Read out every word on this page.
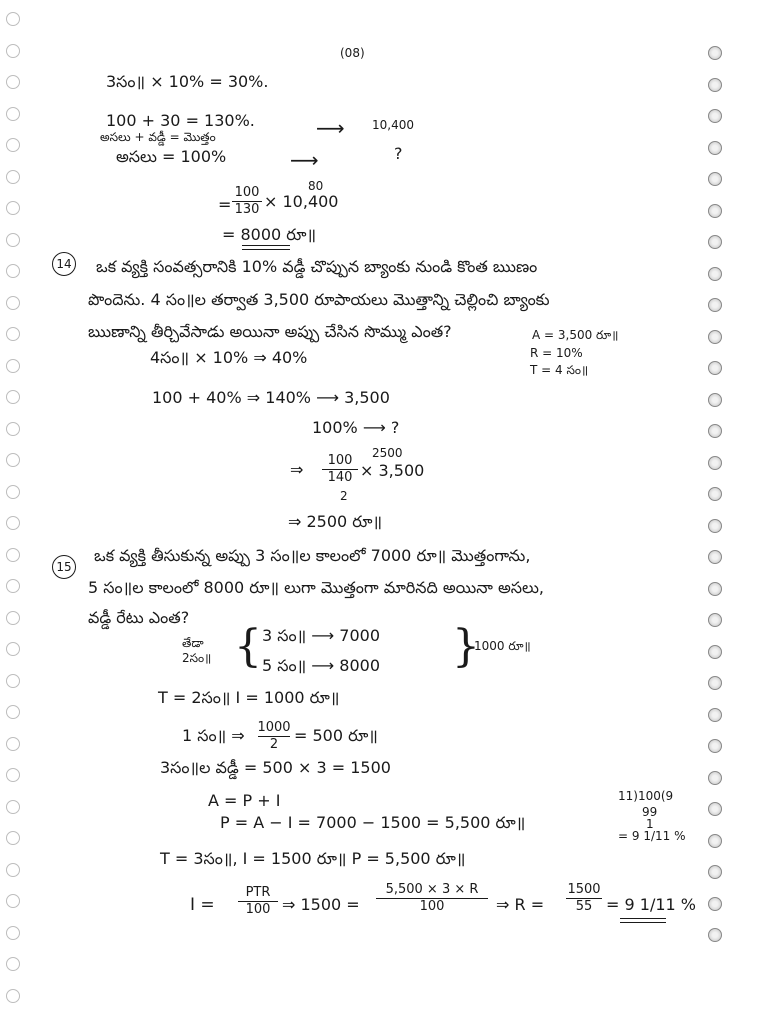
(08)
3సం॥ × 10% = 30%.
100 + 30 = 130%.
అసలు + వడ్డీ = మొత్తం	⟶ 10,400
అసలు = 100%	⟶	?
=
100
130
80
× 10,400
= 8000 రూ॥
14 ఒక వ్యక్తి సంవత్సరానికి 10% వడ్డీ చొప్పున బ్యాంకు నుండి కొంత ఋణం
పొందెను. 4 సం॥ల తర్వాత 3,500 రూపాయలు మొత్తాన్ని చెల్లించి బ్యాంకు
ఋణాన్ని తీర్చివేసాడు అయినా అప్పు చేసిన సొమ్ము ఎంత?	A = 3,500 రూ॥
R = 10%
T = 4 సం॥
4సం॥ × 10% ⇒ 40%
100 + 40% ⇒ 140% ⟶ 3,500
100% ⟶ ?
⇒ 100
140
2
2500
× 3,500
⇒ 2500 రూ॥
15
ఒక వ్యక్తి తీసుకున్న అప్పు 3 సం॥ల కాలంలో 7000 రూ॥ మొత్తంగాను,
5 సం॥ల కాలంలో 8000 రూ॥ లుగా మొత్తంగా మారినది అయినా అసలు,
వడ్డీ రేటు ఎంత?
తేడా
2సం॥ { 3 సం॥ ⟶ 7000
5 సం॥ ⟶ 8000 }
1000 రూ॥
T = 2సం॥ I = 1000 రూ॥
1 సం॥ ⇒ 1000
2 = 500 రూ॥
3సం॥ల వడ్డీ = 500 × 3 = 1500
A = P + I
P = A − I = 7000 − 1500 = 5,500 రూ॥
11)100(9
99
1
= 9 1/11 %
T = 3సం॥, I = 1500 రూ॥ P = 5,500 రూ॥
I =
PTR
100 ⇒ 1500 =
5,500 × 3 × R
100	⇒ R =
1500
55 = 9 1/11 %
